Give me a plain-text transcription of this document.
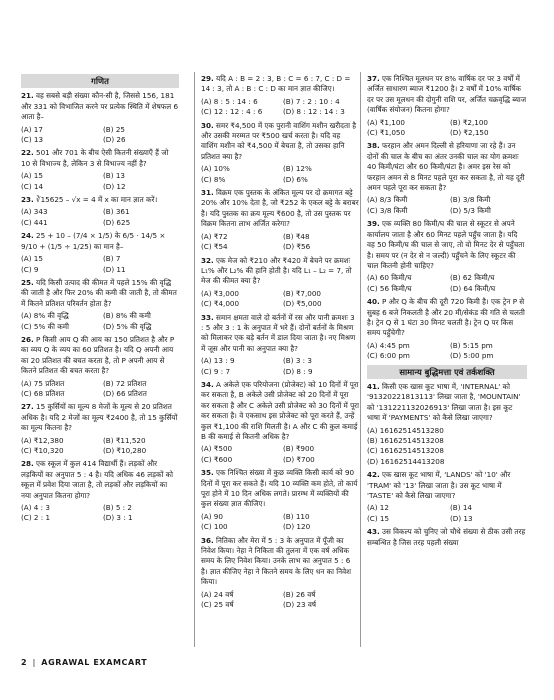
गणित
21. वह सबसे बड़ी संख्या कौन-सी है, जिससे 156, 181 और 331 को विभाजित करने पर प्रत्येक स्थिति में शेषफल 6 आता है–
(A) 17	(B) 25
(C) 13	(D) 26
22. 501 और 701 के बीच ऐसी कितनी संख्याएँ हैं जो 10 से विभाज्य है, लेकिन 3 से विभाज्य नहीं है?
(A) 15	(B) 13
(C) 14	(D) 12
23. ∛15625 – √x = 4 में x का मान ज्ञात करें।
(A) 343	(B) 361
(C) 441	(D) 625
24. 25 + 10 – (7/4 × 1/5) के 6/5 · 14/5 × 9/10 + (1/5 ÷ 1/25) का मान है–
(A) 15	(B) 7
(C) 9	(D) 11
25. यदि किसी उत्पाद की कीमत में पहले 15% की वृद्धि की जाती है और फिर 20% की कमी की जाती है, तो कीमत में कितने प्रतिशत परिवर्तन होता है?
(A) 8% की वृद्धि	(B) 8% की कमी
(C) 5% की कमी	(D) 5% की वृद्धि
26. P किसी आय Q की आय का 150 प्रतिशत है और P का व्यय Q के व्यय का 60 प्रतिशत है। यदि Q अपनी आय का 20 प्रतिशत की बचत करता है, तो P अपनी आय से कितने प्रतिशत की बचत करता है?
(A) 75 प्रतिशत	(B) 72 प्रतिशत
(C) 68 प्रतिशत	(D) 66 प्रतिशत
27. 15 कुर्सियों का मूल्य 8 मेजों के मूल्य से 20 प्रतिशत अधिक है। यदि 2 मेजों का मूल्य ₹2400 है, तो 15 कुर्सियों का मूल्य कितना है?
(A) ₹12,380	(B) ₹11,520
(C) ₹10,320	(D) ₹10,280
28. एक स्कूल में कुल 414 विद्यार्थी हैं। लड़कों और लड़कियों का अनुपात 5 : 4 है। यदि अधिक 46 लड़कों को स्कूल में प्रवेश दिया जाता है, तो लड़कों और लड़कियों का नया अनुपात कितना होगा?
(A) 4 : 3	(B) 5 : 2
(C) 2 : 1	(D) 3 : 1
29. यदि A : B = 2 : 3, B : C = 6 : 7, C : D = 14 : 3, तो A : B : C : D का मान ज्ञात कीजिए।
(A) 8 : 5 : 14 : 6	(B) 7 : 2 : 10 : 4
(C) 12 : 12 : 4 : 6	(D) 8 : 12 : 14 : 3
30. समर ₹4,500 में एक पुरानी वाशिंग मशीन खरीदता है और उसकी मरम्मत पर ₹500 खर्च करता है। यदि वह वाशिंग मशीन को ₹4,500 में बेचता है, तो उसका हानि प्रतिशत क्या है?
(A) 10%	(B) 12%
(C) 8%	(D) 6%
31. विक्रम एक पुस्तक के अंकित मूल्य पर दो क्रमागत बट्टे 20% और 10% देता है, जो ₹252 के एकल बट्टे के बराबर है। यदि पुस्तक का क्रय मूल्य ₹600 है, तो उस पुस्तक पर विक्रम कितना लाभ अर्जित करेगा?
(A) ₹72	(B) ₹48
(C) ₹54	(D) ₹56
32. एक मेज को ₹210 और ₹420 में बेचने पर क्रमशः L₁% और L₂% की हानि होती है। यदि L₁ – L₂ = 7, तो मेज की कीमत क्या है?
(A) ₹3,000	(B) ₹7,000
(C) ₹4,000	(D) ₹5,000
33. समान क्षमता वाले दो बर्तनों में रस और पानी क्रमशः 3 : 5 और 3 : 1 के अनुपात में भरे हैं। दोनों बर्तनों के मिश्रण को मिलाकर एक बड़े बर्तन में डाल दिया जाता है। नए मिश्रण में जूस और पानी का अनुपात क्या है?
(A) 13 : 9	(B) 3 : 3
(C) 9 : 7	(D) 8 : 9
34. A अकेले एक परियोजना (प्रोजेक्ट) को 10 दिनों में पूरा कर सकता है, B अकेले उसी प्रोजेक्ट को 20 दिनों में पूरा कर सकता है और C अकेले उसी प्रोजेक्ट को 30 दिनों में पूरा कर सकता है। वे एकसाथ इस प्रोजेक्ट को पूरा करते हैं, उन्हें कुल ₹1,100 की राशि मिलती है। A और C की कुल कमाई B की कमाई से कितनी अधिक है?
(A) ₹500	(B) ₹900
(C) ₹600	(D) ₹700
35. एक निश्चित संख्या में कुछ व्यक्ति किसी कार्य को 90 दिनों में पूरा कर सकते हैं। यदि 10 व्यक्ति कम होते, तो कार्य पूरा होने में 10 दिन अधिक लगते। प्रारम्भ में व्यक्तियों की कुल संख्या ज्ञात कीजिए।
(A) 90	(B) 110
(C) 100	(D) 120
36. नितिका और मेरा में 5 : 3 के अनुपात में पूँजी का निवेश किया। नेहा ने निकिता की तुलना में एक वर्ष अधिक समय के लिए निवेश किया। उनके लाभ का अनुपात 5 : 6 है। ज्ञात कीजिए नेहा ने कितने समय के लिए धन का निवेश किया।
(A) 24 वर्ष	(B) 26 वर्ष
(C) 25 वर्ष	(D) 23 वर्ष
37. एक निश्चित मूलधन पर 8% वार्षिक दर पर 3 वर्षों में अर्जित साधारण ब्याज ₹1200 है। 2 वर्षों में 10% वार्षिक दर पर उस मूलधन की दोगुनी राशि पर, अर्जित चक्रवृद्धि ब्याज (वार्षिक संयोजन) कितना होगा?
(A) ₹1,100	(B) ₹2,100
(C) ₹1,050	(D) ₹2,150
38. फरहान और अमन दिल्ली से हरियाणा जा रहे हैं। उन दोनों की चाल के बीच का अंतर उनकी चाल का योग क्रमशः 40 किमी/घंटा और 60 किमी/घंटा है। अमर इस रेस को फरहान अमन से 8 मिनट पहले पूरा कर सकता है, तो यह दूरी अमन पहले पूरा कर सकता है?
(A) 8/3 किमी	(B) 3/8 किमी
(C) 3/8 किमी	(D) 5/3 किमी
39. एक व्यक्ति 80 किमी/घ की चाल से स्कूटर से अपने कार्यालय जाता है और 60 मिनट पहले पहुँच जाता है। यदि वह 50 किमी/घ की चाल से जाए, तो वो मिनट देर से पहुँचता है। समय पर (न देर से न जल्दी) पहुँचने के लिए स्कूटर की चाल कितनी होनी चाहिए?
(A) 60 किमी/घ	(B) 62 किमी/घ
(C) 56 किमी/घ	(D) 64 किमी/घ
40. P और Q के बीच की दूरी 720 किमी है। एक ट्रेन P से सुबह 6 बजे निकलती है और 20 मी/सेकंड की गति से चलती है। ट्रेन Q से 1 घंटा 30 मिनट चलती है। ट्रेन Q पर किस समय पहुँचेगी?
(A) 4:45 pm	(B) 5:15 pm
(C) 6:00 pm	(D) 5:00 pm
सामान्य बुद्धिमत्ता एवं तर्कशक्ति
41. किसी एक खास कूट भाषा में, 'INTERNAL' को '91320221813113' लिखा जाता है, 'MOUNTAIN' को '131221132026913' लिखा जाता है। इस कूट भाषा में 'PAYMENTS' को कैसे लिखा जाएगा?
(A) 16162514513280
(B) 16162514513208
(C) 16162514513208
(D) 16162514413208
42. एक खास कूट भाषा में, 'LANDS' को '10' और 'TRAM' को '13' लिखा जाता है। उस कूट भाषा में 'TASTE' को कैसे लिखा जाएगा?
(A) 12	(B) 14
(C) 15	(D) 13
43. उस विकल्प को चुनिए जो चौथे संख्या से ठीक उसी तरह सम्बन्धित है जिस तरह पहली संख्या
2 | AGRAWAL EXAMCART
